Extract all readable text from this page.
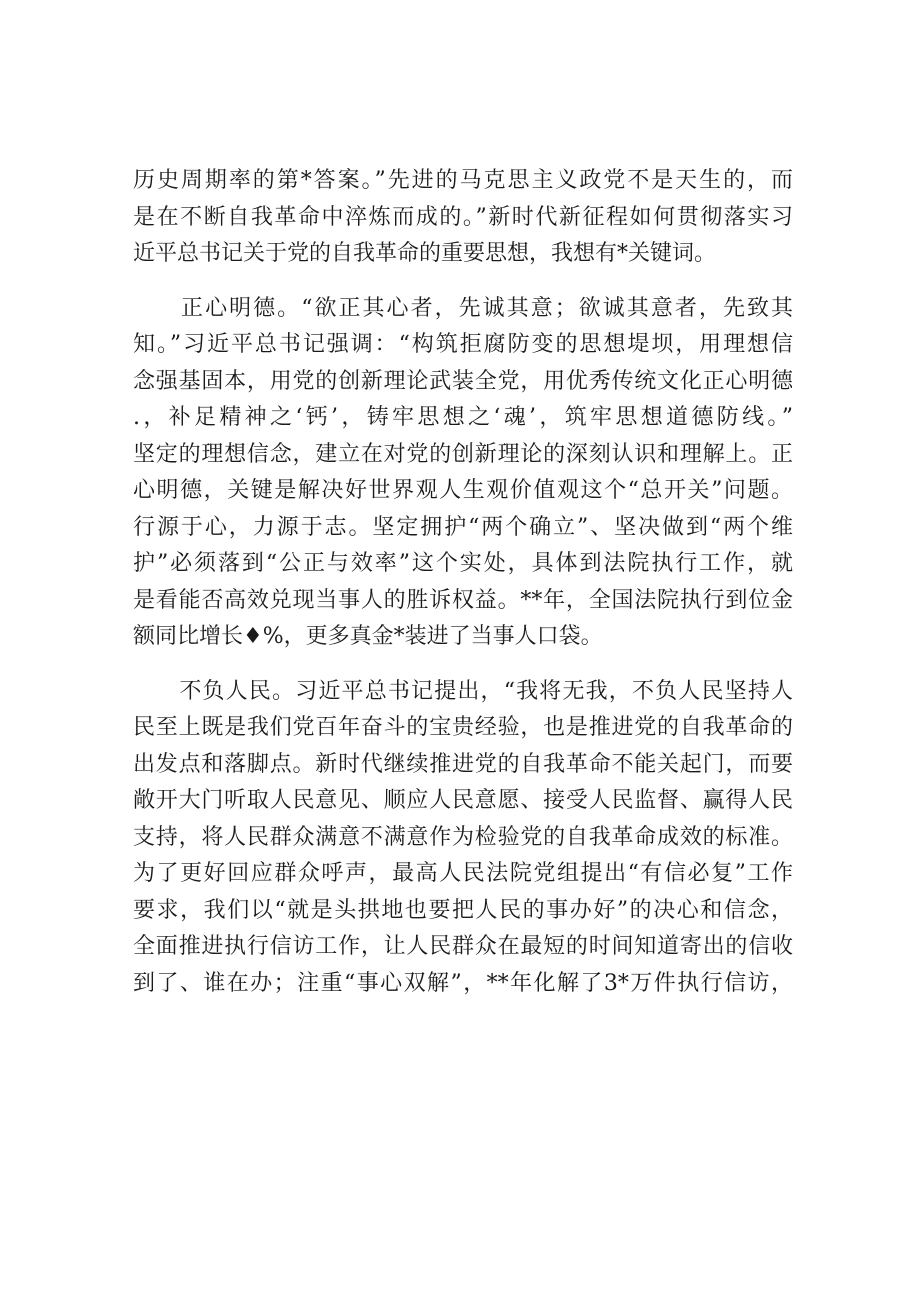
历史周期率的第*答案。”先进的马克思主义政党不是天生的，而
是在不断自我革命中淬炼而成的。”新时代新征程如何贯彻落实习
近平总书记关于党的自我革命的重要思想，我想有*关键词。
　　正心明德。“欲正其心者，先诚其意；欲诚其意者，先致其
知。”习近平总书记强调：“构筑拒腐防变的思想堤坝，用理想信
念强基固本，用党的创新理论武装全党，用优秀传统文化正心明德
.，补足精神之‘钙’，铸牢思想之‘魂’，筑牢思想道德防线。”
坚定的理想信念，建立在对党的创新理论的深刻认识和理解上。正
心明德，关键是解决好世界观人生观价值观这个“总开关”问题。
行源于心，力源于志。坚定拥护“两个确立”、坚决做到“两个维
护”必须落到“公正与效率”这个实处，具体到法院执行工作，就
是看能否高效兑现当事人的胜诉权益。**年，全国法院执行到位金
额同比增长♦%，更多真金*装进了当事人口袋。
　　不负人民。习近平总书记提出，“我将无我，不负人民坚持人
民至上既是我们党百年奋斗的宝贵经验，也是推进党的自我革命的
出发点和落脚点。新时代继续推进党的自我革命不能关起门，而要
敞开大门听取人民意见、顺应人民意愿、接受人民监督、赢得人民
支持，将人民群众满意不满意作为检验党的自我革命成效的标准。
为了更好回应群众呼声，最高人民法院党组提出“有信必复”工作
要求，我们以“就是头拱地也要把人民的事办好”的决心和信念，
全面推进执行信访工作，让人民群众在最短的时间知道寄出的信收
到了、谁在办；注重“事心双解”，**年化解了3*万件执行信访，
